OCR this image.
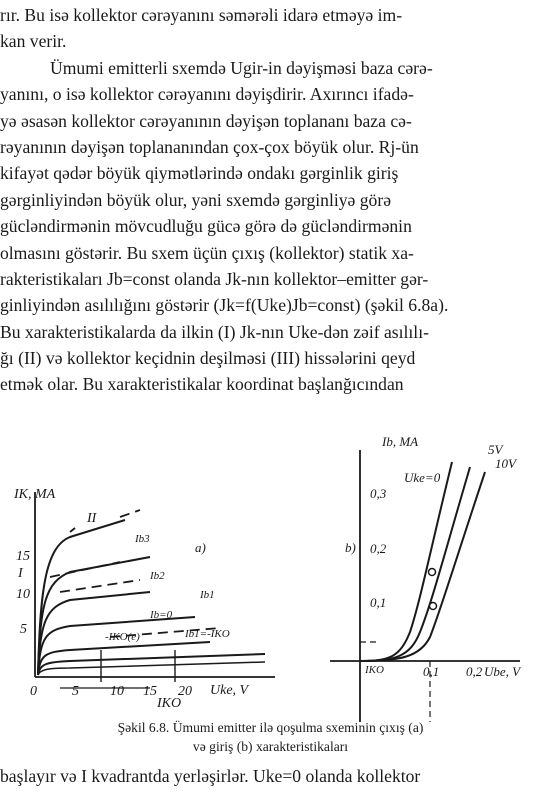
rır. Bu isə kollektor cərəyanını səmərəli idarə etməyə im-
kan verir.
Ümumi emitterli sxemdə Ugir-in dəyişməsi baza cərə-
yanını, o isə kollektor cərəyanını dəyişdirir. Axırıncı ifadə-
yə əsasən kollektor cərəyanının dəyişən toplananı baza cə-
rəyanının dəyişən toplananından çox-çox böyük olur. Rj-ün
kifayət qədər böyük qiymətlərində ondakı gərginlik giriş
gərginliyindən böyük olur, yəni sxemdə gərginliyə görə
gücləndirmənin mövcudluğu gücə görə də gücləndirmənin
olmasını göstərir. Bu sxem üçün çıxış (kollektor) statik xa-
rakteristikaları Jb=const olanda Jk-nın kollektor–emitter gər-
ginliyindən asılılığını göstərir (Jk=f(Uke)Jb=const) (şəkil 6.8a).
Bu xarakteristikalarda da ilkin (I) Jk-nın Uke-dən zəif asılılı-
ğı (II) və kollektor keçidnin deşilməsi (III) hissələrini qeyd
etmək olar. Bu xarakteristikalar koordinat başlanğıcından
IK, MA
15
10
5
0	5 10 15 20 Uke, V
I
II
Ib3
Ib2
Ib1
Ib=0
Ib1=-IKO
-IKO(e)
IKO
a)
Ib, MA
0,3
0,2
0,1
0,1 0,2 Ube, V
Uke=0
5V
10V
IKO
b)
Şəkil 6.8. Ümumi emitter ilə qoşulma sxeminin çıxış (a)
və giriş (b) xarakteristikaları
başlayır və I kvadrantda yerləşirlər. Uke=0 olanda kollektor
